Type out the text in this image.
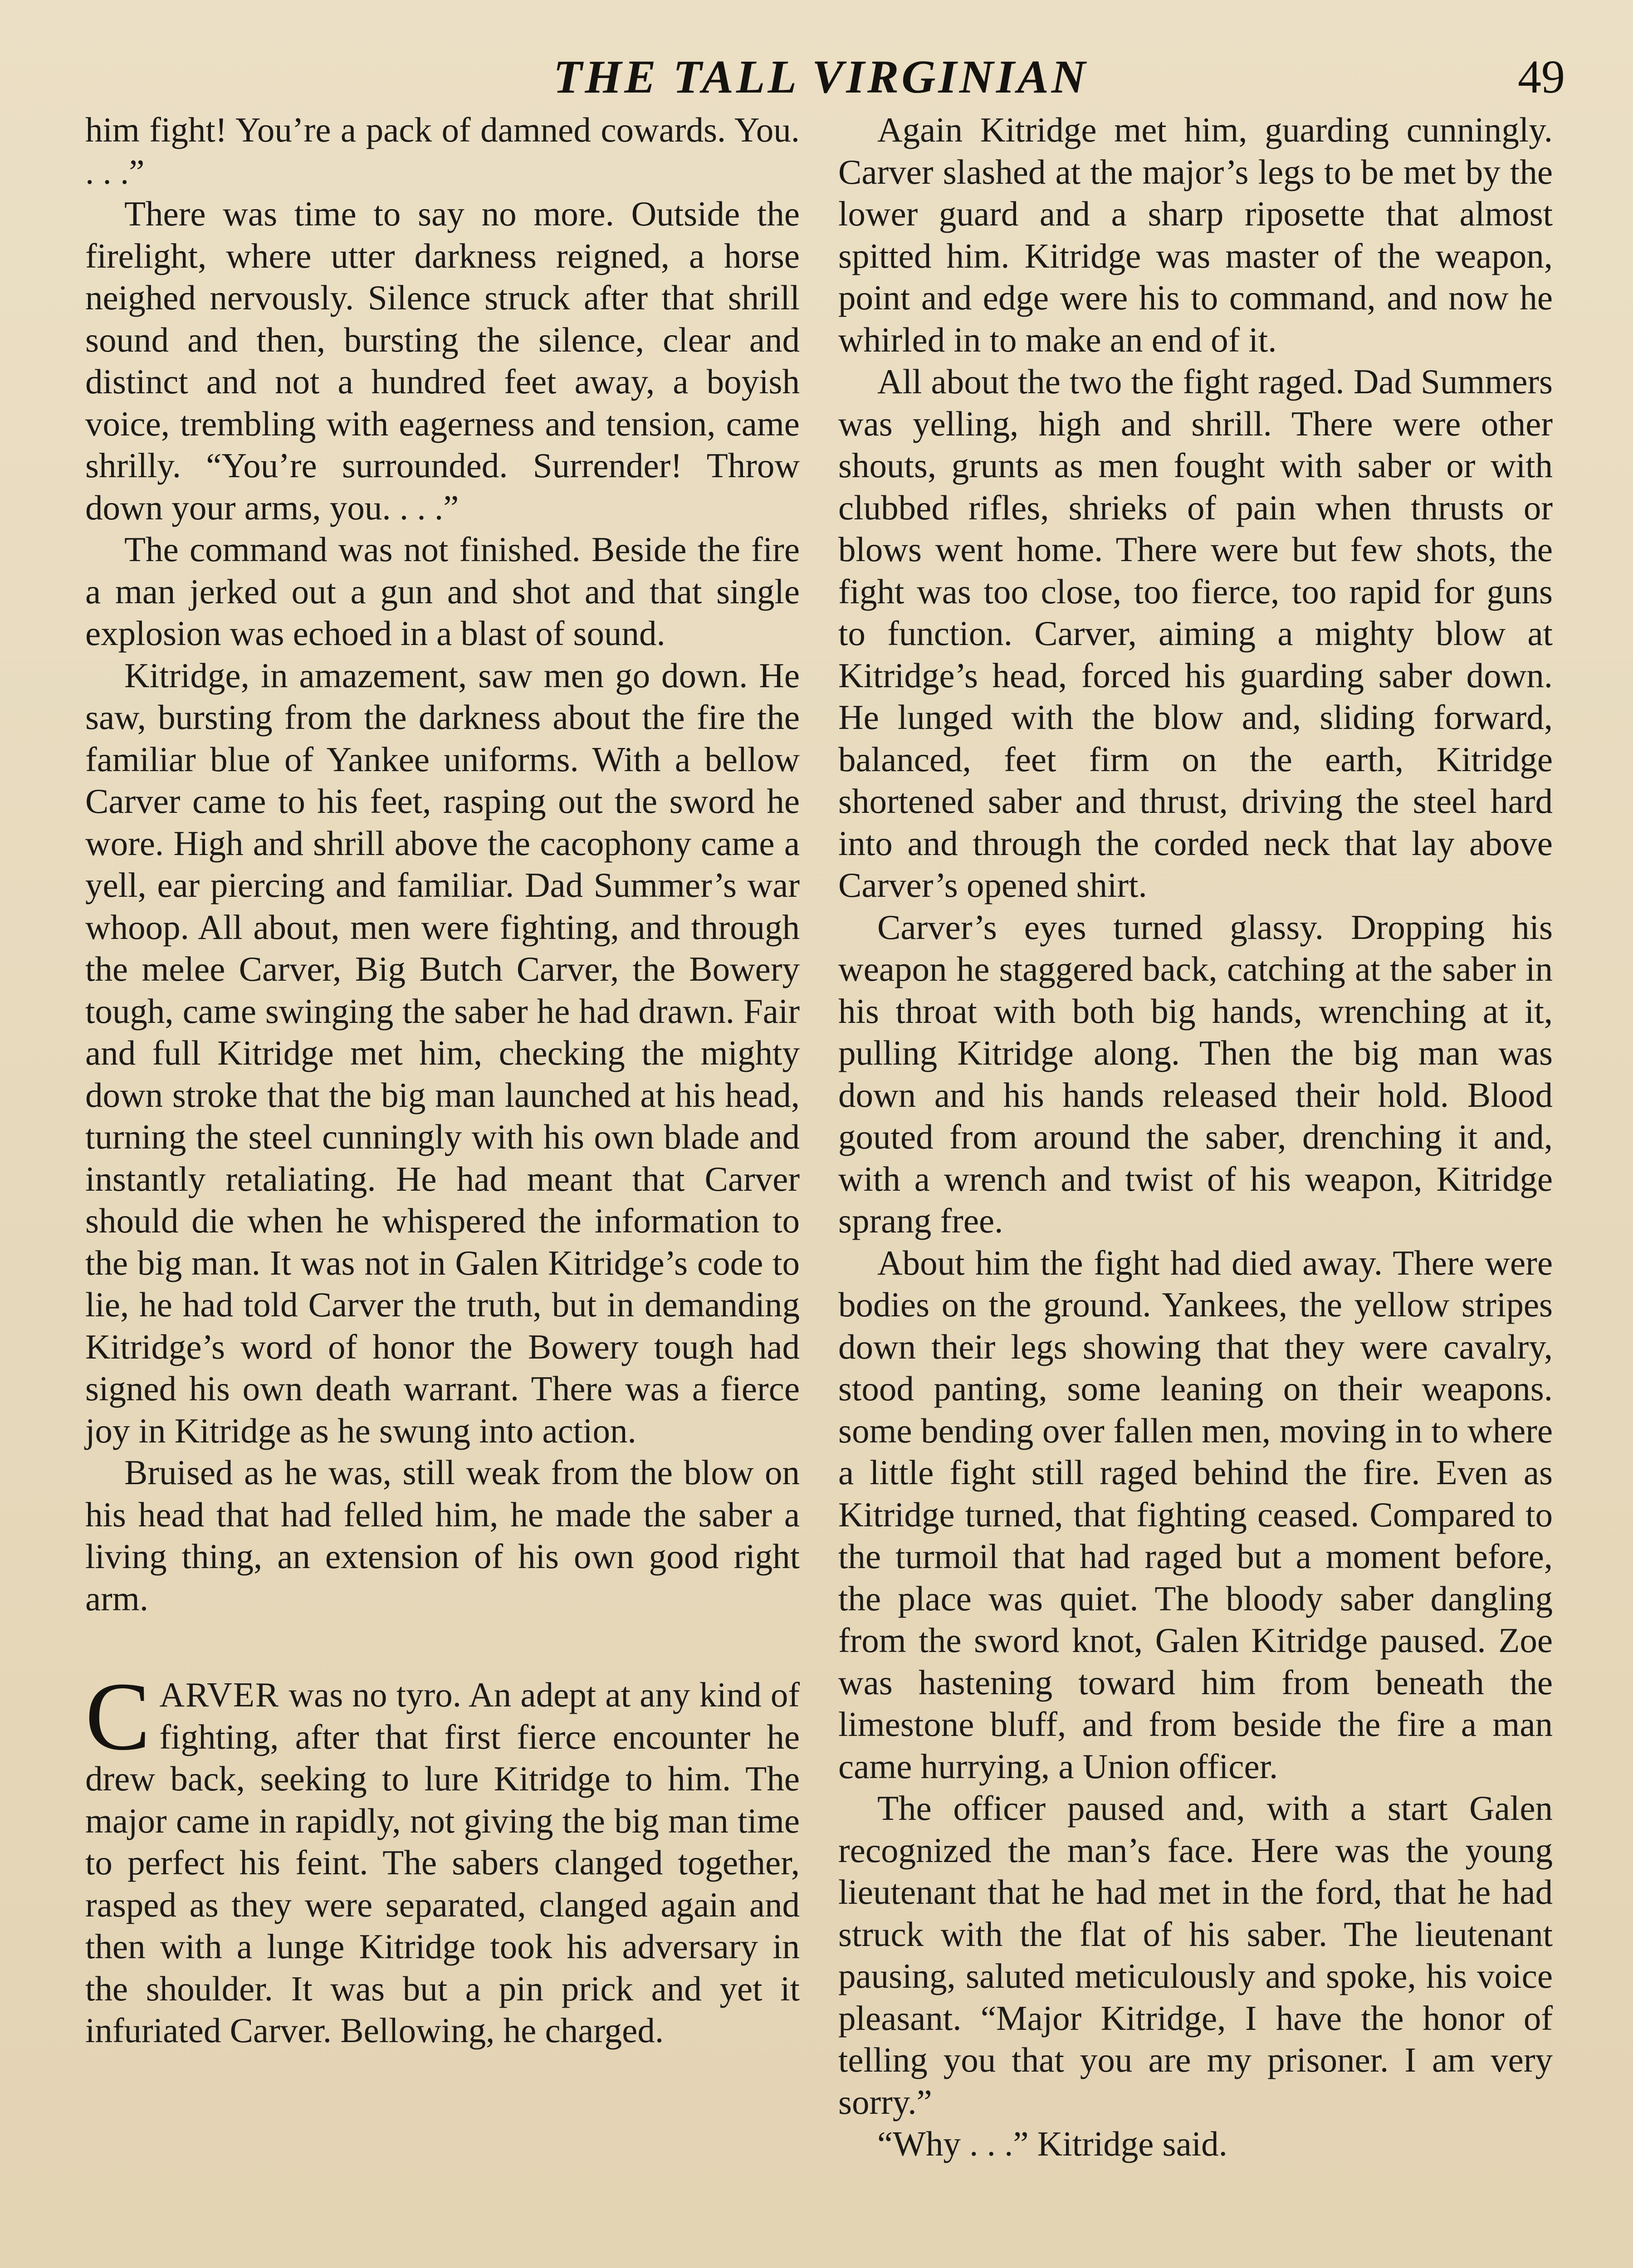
THE TALL VIRGINIAN	49

him fight! You’re a pack of damned cowards. You. . . .”

There was time to say no more. Outside the firelight, where utter darkness reigned, a horse neighed nervously. Silence struck after that shrill sound and then, bursting the silence, clear and distinct and not a hundred feet away, a boyish voice, trembling with eagerness and tension, came shrilly. “You’re surrounded. Surrender! Throw down your arms, you. . . .”

The command was not finished. Beside the fire a man jerked out a gun and shot and that single explosion was echoed in a blast of sound.

Kitridge, in amazement, saw men go down. He saw, bursting from the darkness about the fire the familiar blue of Yankee uniforms. With a bellow Carver came to his feet, rasping out the sword he wore. High and shrill above the cacophony came a yell, ear piercing and familiar. Dad Summer’s war whoop. All about, men were fighting, and through the melee Carver, Big Butch Carver, the Bowery tough, came swinging the saber he had drawn. Fair and full Kitridge met him, checking the mighty down stroke that the big man launched at his head, turning the steel cunningly with his own blade and instantly retaliating. He had meant that Carver should die when he whispered the information to the big man. It was not in Galen Kitridge’s code to lie, he had told Carver the truth, but in demanding Kitridge’s word of honor the Bowery tough had signed his own death warrant. There was a fierce joy in Kitridge as he swung into action.

Bruised as he was, still weak from the blow on his head that had felled him, he made the saber a living thing, an extension of his own good right arm.

CARVER was no tyro. An adept at any kind of fighting, after that first fierce encounter he drew back, seeking to lure Kitridge to him. The major came in rapidly, not giving the big man time to perfect his feint. The sabers clanged together, rasped as they were separated, clanged again and then with a lunge Kitridge took his adversary in the shoulder. It was but a pin prick and yet it infuriated Carver. Bellowing, he charged.

Again Kitridge met him, guarding cunningly. Carver slashed at the major’s legs to be met by the lower guard and a sharp riposette that almost spitted him. Kitridge was master of the weapon, point and edge were his to command, and now he whirled in to make an end of it.

All about the two the fight raged. Dad Summers was yelling, high and shrill. There were other shouts, grunts as men fought with saber or with clubbed rifles, shrieks of pain when thrusts or blows went home. There were but few shots, the fight was too close, too fierce, too rapid for guns to function. Carver, aiming a mighty blow at Kitridge’s head, forced his guarding saber down. He lunged with the blow and, sliding forward, balanced, feet firm on the earth, Kitridge shortened saber and thrust, driving the steel hard into and through the corded neck that lay above Carver’s opened shirt.

Carver’s eyes turned glassy. Dropping his weapon he staggered back, catching at the saber in his throat with both big hands, wrenching at it, pulling Kitridge along. Then the big man was down and his hands released their hold. Blood gouted from around the saber, drenching it and, with a wrench and twist of his weapon, Kitridge sprang free.

About him the fight had died away. There were bodies on the ground. Yankees, the yellow stripes down their legs showing that they were cavalry, stood panting, some leaning on their weapons. some bending over fallen men, moving in to where a little fight still raged behind the fire. Even as Kitridge turned, that fighting ceased. Compared to the turmoil that had raged but a moment before, the place was quiet. The bloody saber dangling from the sword knot, Galen Kitridge paused. Zoe was hastening toward him from beneath the limestone bluff, and from beside the fire a man came hurrying, a Union officer.

The officer paused and, with a start Galen recognized the man’s face. Here was the young lieutenant that he had met in the ford, that he had struck with the flat of his saber. The lieutenant pausing, saluted meticulously and spoke, his voice pleasant. “Major Kitridge, I have the honor of telling you that you are my prisoner. I am very sorry.”

“Why . . .” Kitridge said.
